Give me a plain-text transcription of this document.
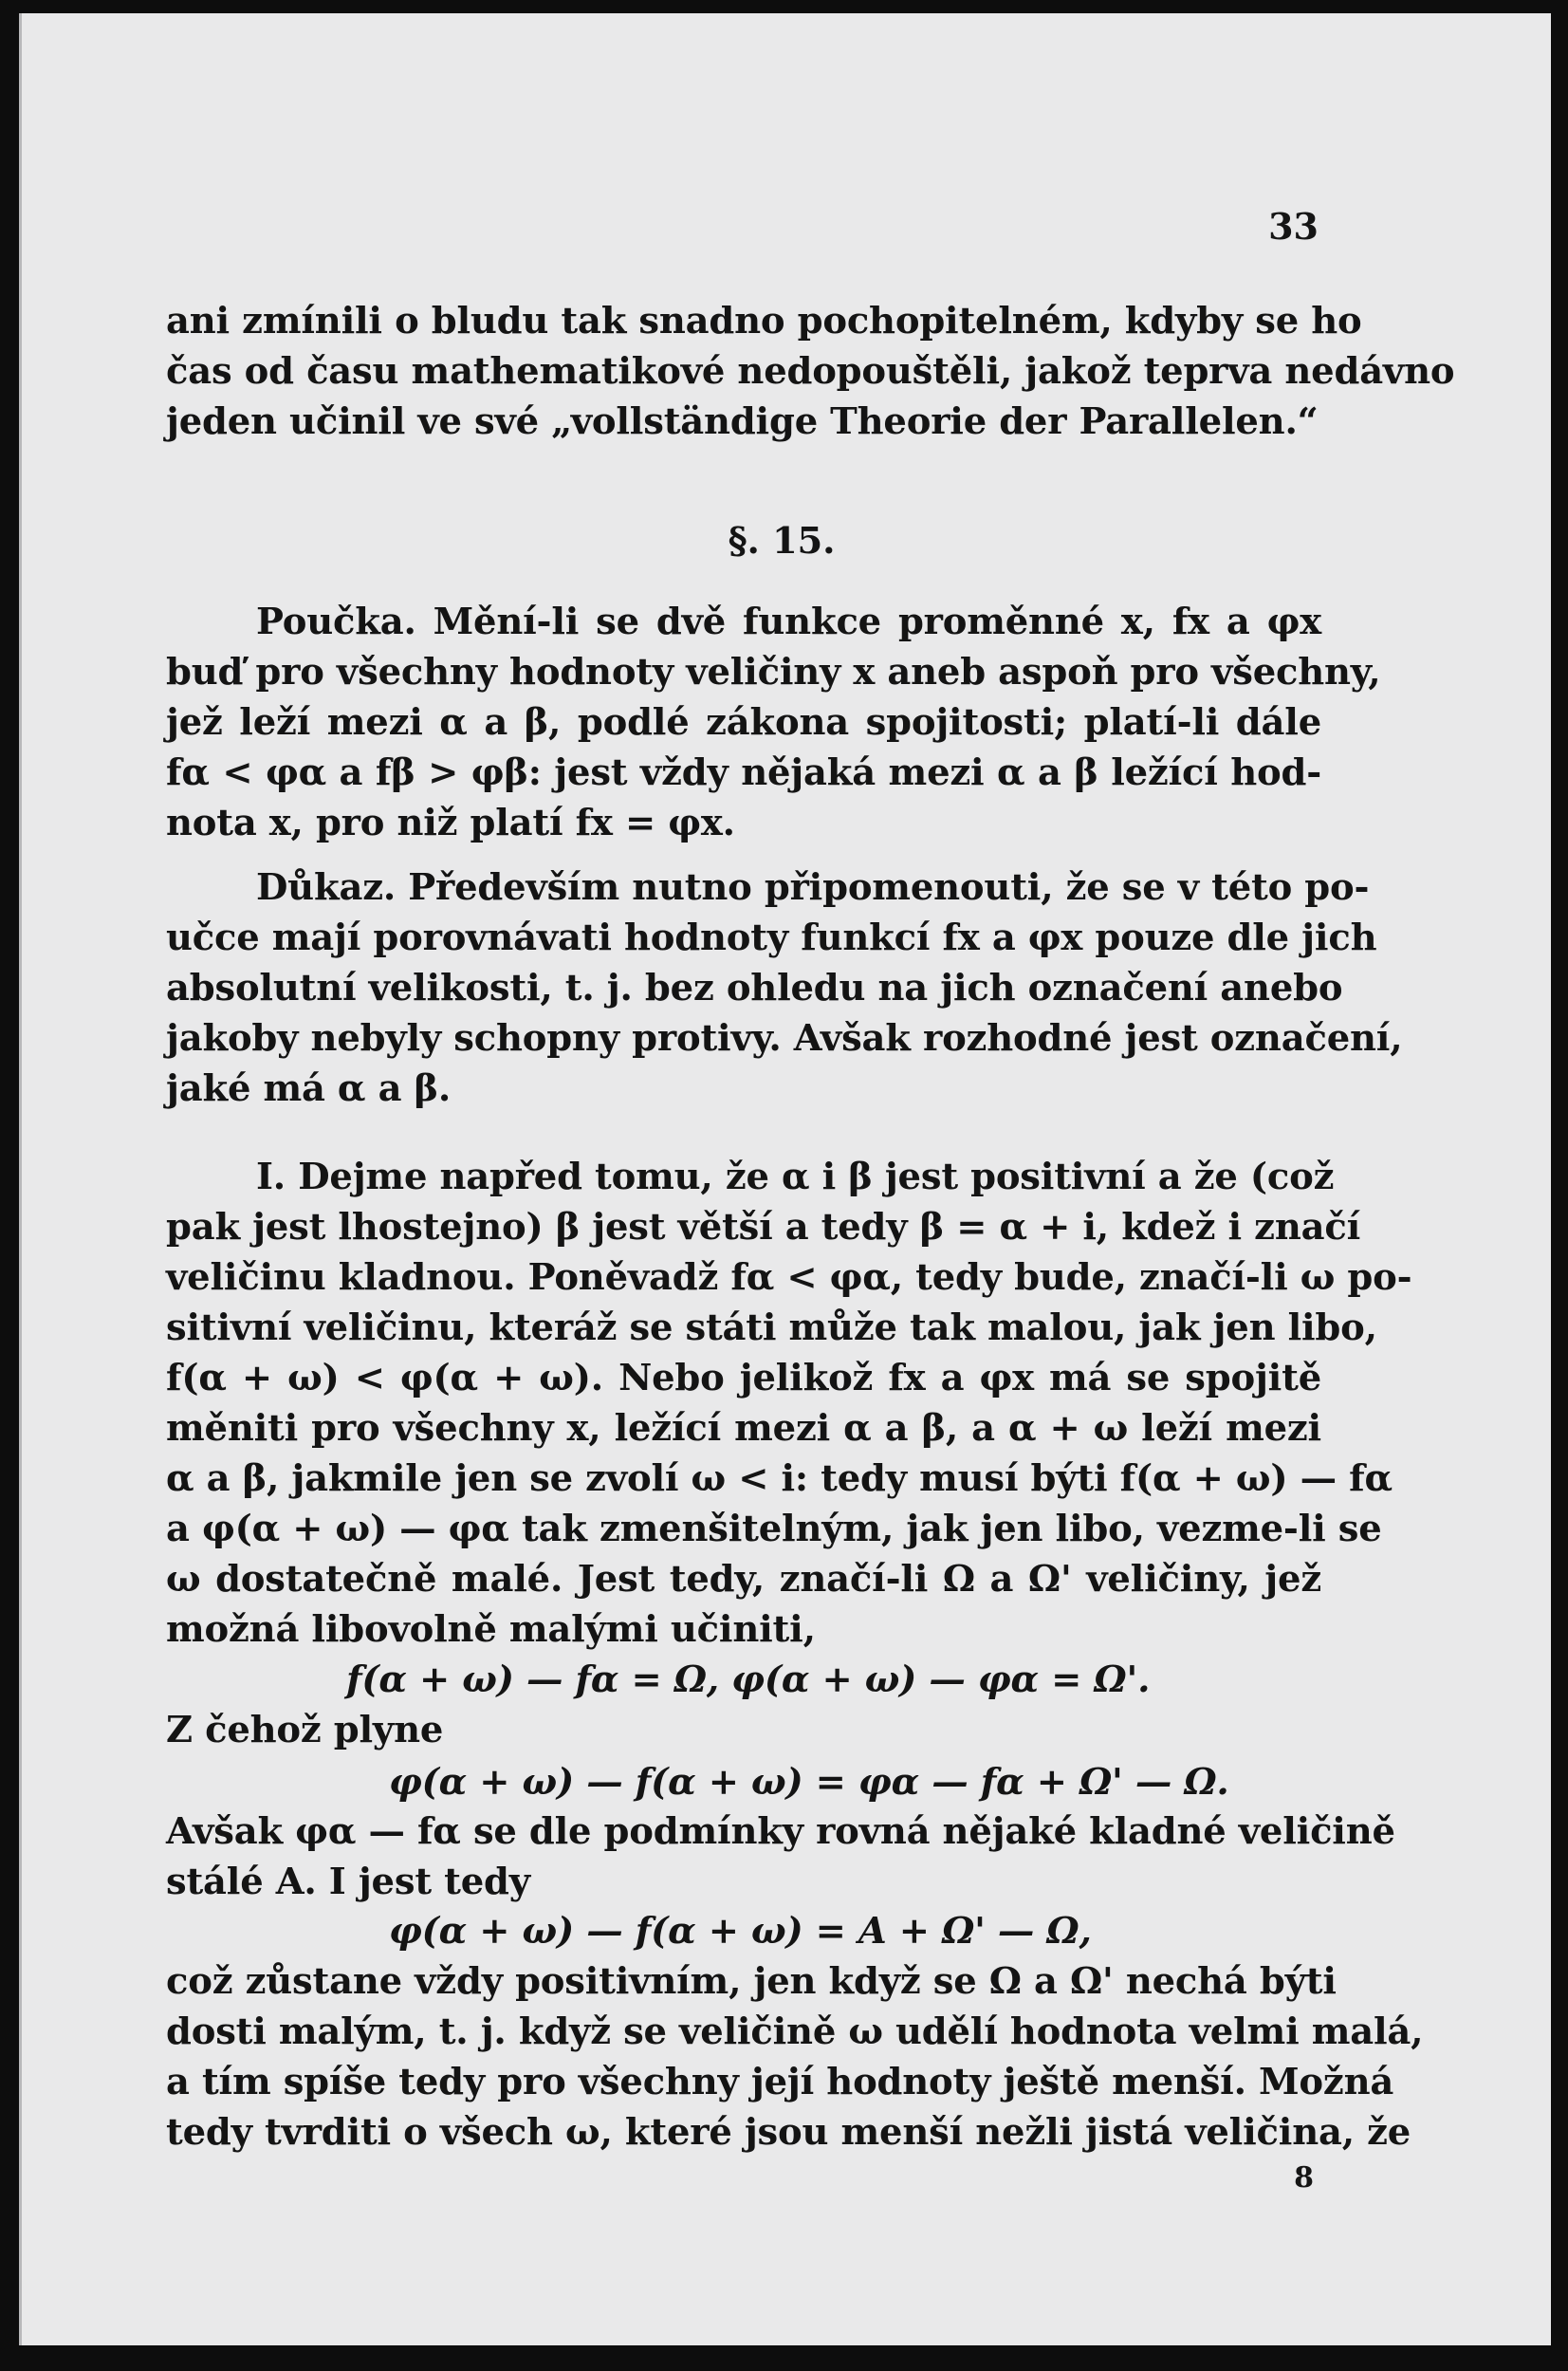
33
ani zmínili o bludu tak snadno pochopitelném, kdyby se ho
čas od času mathematikové nedopouštěli, jakož teprva nedávno
jeden učinil ve své „vollständige Theorie der Parallelen.“
§. 15.
Poučka. Mění-li se dvě funkce proměnné x, fx a φx
buď pro všechny hodnoty veličiny x aneb aspoň pro všechny,
jež leží mezi α a β, podlé zákona spojitosti; platí-li dále
fα < φα a fβ > φβ: jest vždy nějaká mezi α a β ležící hod-
nota x, pro niž platí fx = φx.
Důkaz. Především nutno připomenouti, že se v této po-
učce mají porovnávati hodnoty funkcí fx a φx pouze dle jich
absolutní velikosti, t. j. bez ohledu na jich označení anebo
jakoby nebyly schopny protivy. Avšak rozhodné jest označení,
jaké má α a β.
I. Dejme napřed tomu, že α i β jest positivní a že (což
pak jest lhostejno) β jest větší a tedy β = α + i, kdež i značí
veličinu kladnou. Poněvadž fα < φα, tedy bude, značí-li ω po-
sitivní veličinu, kteráž se státi může tak malou, jak jen libo,
f(α + ω) < φ(α + ω). Nebo jelikož fx a φx má se spojitě
měniti pro všechny x, ležící mezi α a β, a α + ω leží mezi
α a β, jakmile jen se zvolí ω < i: tedy musí býti f(α + ω) — fα
a φ(α + ω) — φα tak zmenšitelným, jak jen libo, vezme-li se
ω dostatečně malé. Jest tedy, značí-li Ω a Ω' veličiny, jež
možná libovolně malými učiniti,
f(α + ω) — fα = Ω, φ(α + ω) — φα = Ω'.
Z čehož plyne
φ(α + ω) — f(α + ω) = φα — fα + Ω' — Ω.
Avšak φα — fα se dle podmínky rovná nějaké kladné veličině
stálé A. I jest tedy
φ(α + ω) — f(α + ω) = A + Ω' — Ω,
což zůstane vždy positivním, jen když se Ω a Ω' nechá býti
dosti malým, t. j. když se veličině ω udělí hodnota velmi malá,
a tím spíše tedy pro všechny její hodnoty ještě menší. Možná
tedy tvrditi o všech ω, které jsou menší nežli jistá veličina, že
8
